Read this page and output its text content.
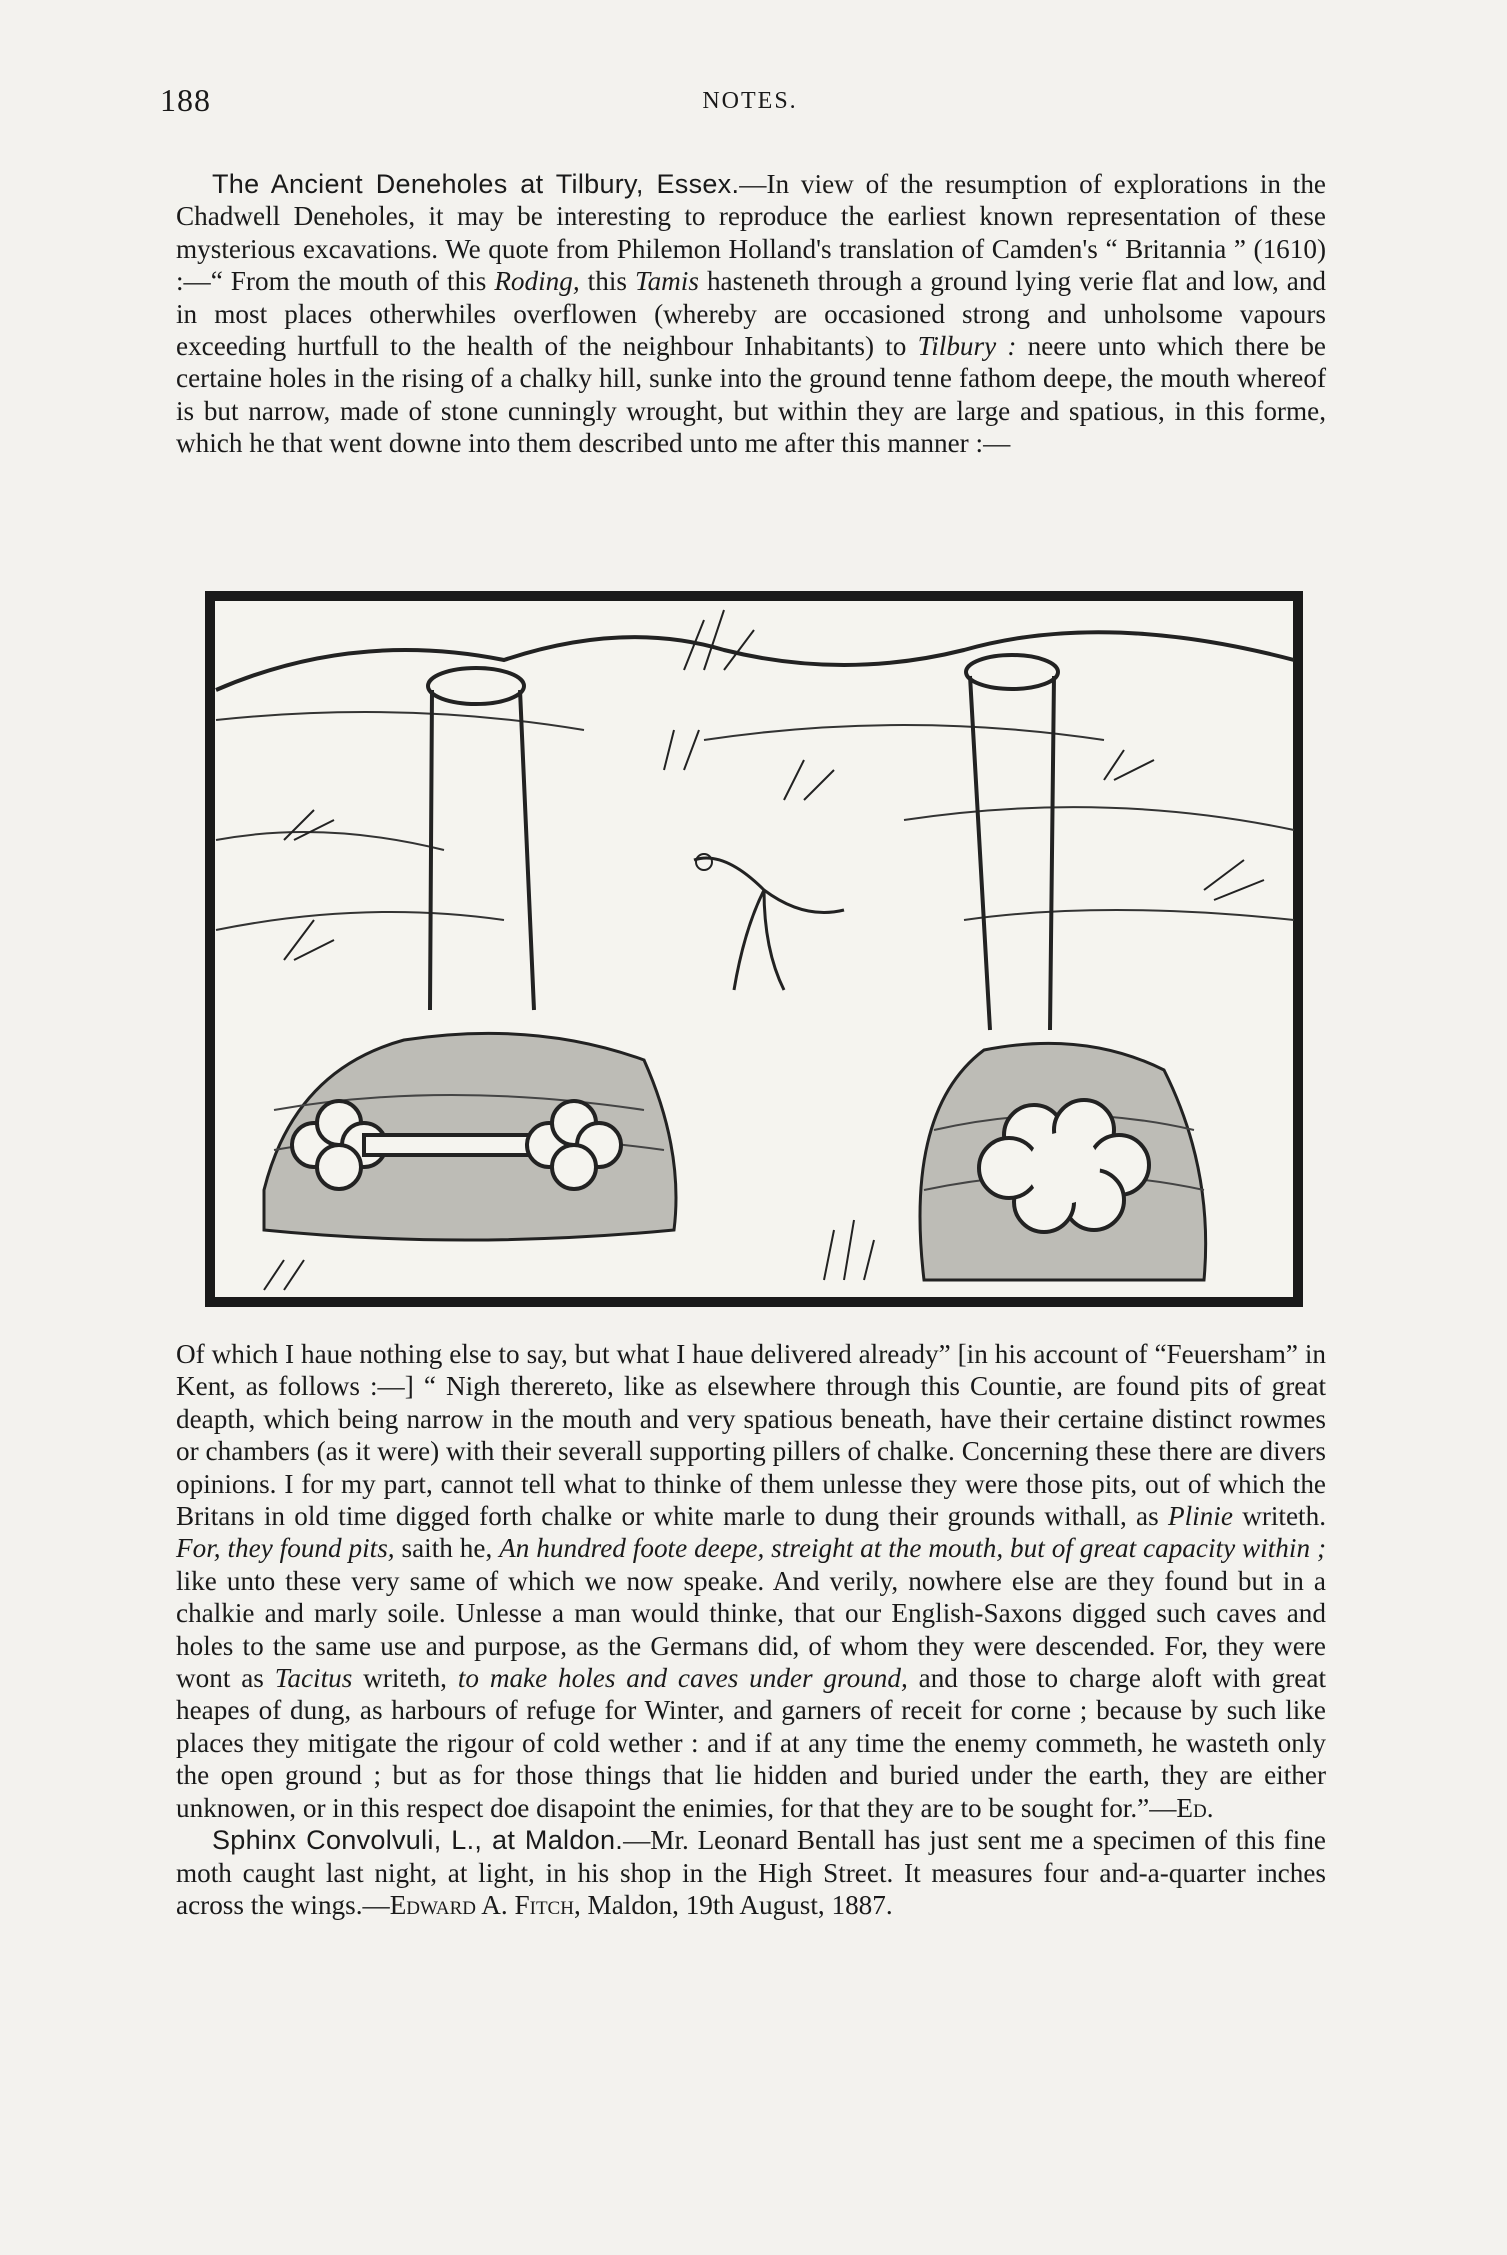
188	NOTES.

The Ancient Deneholes at Tilbury, Essex.—In view of the resumption of explorations in the Chadwell Deneholes, it may be interesting to reproduce the earliest known representation of these mysterious excavations. We quote from Philemon Holland's translation of Camden's “ Britannia ” (1610) :—“ From the mouth of this Roding, this Tamis hasteneth through a ground lying verie flat and low, and in most places otherwhiles overflowen (whereby are occasioned strong and unholsome vapours exceeding hurtfull to the health of the neighbour Inhabitants) to Tilbury : neere unto which there be certaine holes in the rising of a chalky hill, sunke into the ground tenne fathom deepe, the mouth whereof is but narrow, made of stone cunningly wrought, but within they are large and spatious, in this forme, which he that went downe into them described unto me after this manner :—

Of which I haue nothing else to say, but what I haue delivered already” [in his account of “Feuersham” in Kent, as follows :—] “ Nigh therereto, like as elsewhere through this Countie, are found pits of great deapth, which being narrow in the mouth and very spatious beneath, have their certaine distinct rowmes or chambers (as it were) with their severall supporting pillers of chalke. Concerning these there are divers opinions. I for my part, cannot tell what to thinke of them unlesse they were those pits, out of which the Britans in old time digged forth chalke or white marle to dung their grounds withall, as Plinie writeth. For, they found pits, saith he, An hundred foote deepe, streight at the mouth, but of great capacity within ; like unto these very same of which we now speake. And verily, nowhere else are they found but in a chalkie and marly soile. Unlesse a man would thinke, that our English-Saxons digged such caves and holes to the same use and purpose, as the Germans did, of whom they were descended. For, they were wont as Tacitus writeth, to make holes and caves under ground, and those to charge aloft with great heapes of dung, as harbours of refuge for Winter, and garners of receit for corne ; because by such like places they mitigate the rigour of cold wether : and if at any time the enemy commeth, he wasteth only the open ground ; but as for those things that lie hidden and buried under the earth, they are either unknowen, or in this respect doe disapoint the enimies, for that they are to be sought for.”—Ed.

Sphinx Convolvuli, L., at Maldon.—Mr. Leonard Bentall has just sent me a specimen of this fine moth caught last night, at light, in his shop in the High Street. It measures four and-a-quarter inches across the wings.—Edward A. Fitch, Maldon, 19th August, 1887.
